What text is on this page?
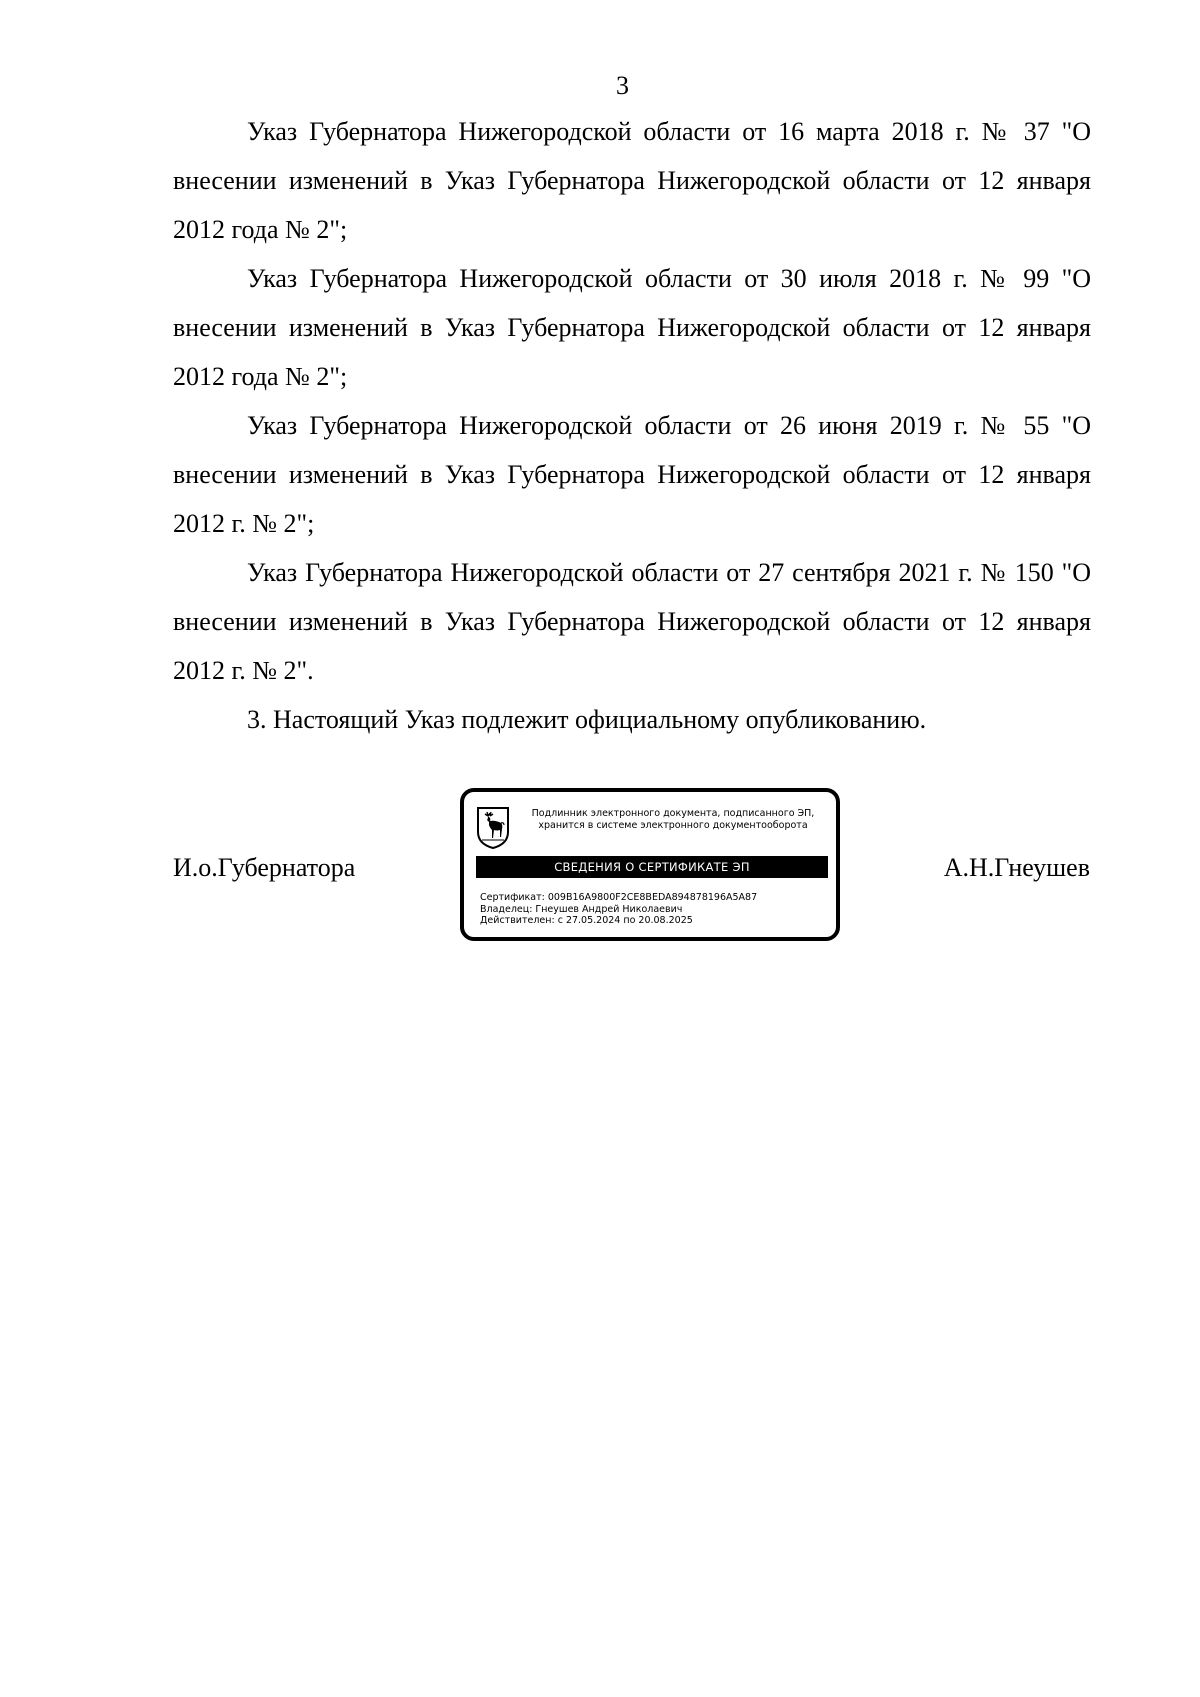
3

Указ Губернатора Нижегородской области от 16 марта 2018 г. № 37 "О внесении изменений в Указ Губернатора Нижегородской области от 12 января 2012 года № 2";

Указ Губернатора Нижегородской области от 30 июля 2018 г. № 99 "О внесении изменений в Указ Губернатора Нижегородской области от 12 января 2012 года № 2";

Указ Губернатора Нижегородской области от 26 июня 2019 г. № 55 "О внесении изменений в Указ Губернатора Нижегородской области от 12 января 2012 г. № 2";

Указ Губернатора Нижегородской области от 27 сентября 2021 г. № 150 "О внесении изменений в Указ Губернатора Нижегородской области от 12 января 2012 г. № 2".

3. Настоящий Указ подлежит официальному опубликованию.

И.о.Губернатора
Подлинник электронного документа, подписанного ЭП,
хранится в системе электронного документооборота
СВЕДЕНИЯ О СЕРТИФИКАТЕ ЭП
Сертификат: 009B16A9800F2CE8BEDA894878196A5A87
Владелец: Гнеушев Андрей Николаевич
Действителен: с 27.05.2024 по 20.08.2025
А.Н.Гнеушев
